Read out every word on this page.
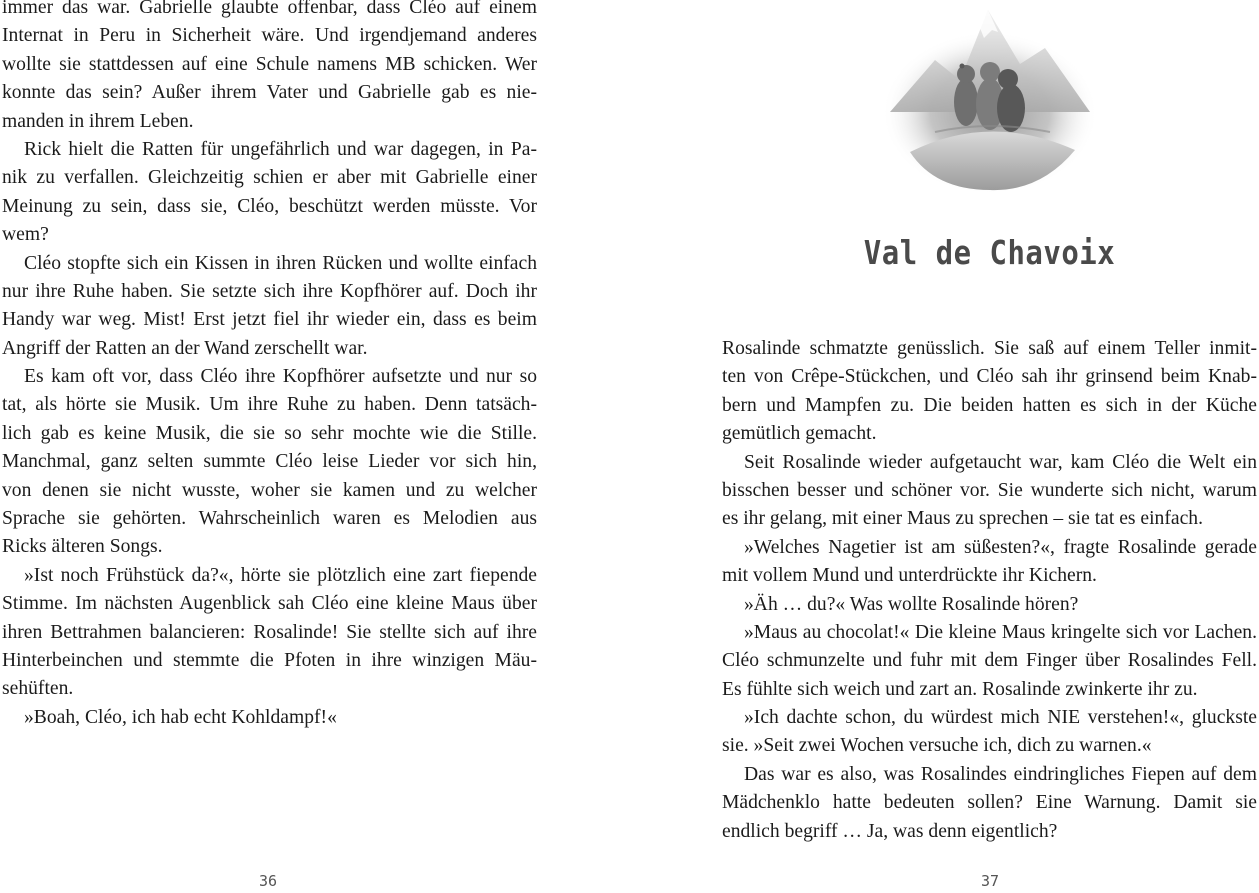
immer das war. Gabrielle glaubte offenbar, dass Cléo auf einem
Internat in Peru in Sicherheit wäre. Und irgendjemand anderes
wollte sie stattdessen auf eine Schule namens MB schicken. Wer
konnte das sein? Außer ihrem Vater und Gabrielle gab es nie-
manden in ihrem Leben.
Rick hielt die Ratten für ungefährlich und war dagegen, in Pa-
nik zu verfallen. Gleichzeitig schien er aber mit Gabrielle einer
Meinung zu sein, dass sie, Cléo, beschützt werden müsste. Vor
wem?
Cléo stopfte sich ein Kissen in ihren Rücken und wollte einfach
nur ihre Ruhe haben. Sie setzte sich ihre Kopfhörer auf. Doch ihr
Handy war weg. Mist! Erst jetzt fiel ihr wieder ein, dass es beim
Angriff der Ratten an der Wand zerschellt war.
Es kam oft vor, dass Cléo ihre Kopfhörer aufsetzte und nur so
tat, als hörte sie Musik. Um ihre Ruhe zu haben. Denn tatsäch-
lich gab es keine Musik, die sie so sehr mochte wie die Stille.
Manchmal, ganz selten summte Cléo leise Lieder vor sich hin,
von denen sie nicht wusste, woher sie kamen und zu welcher
Sprache sie gehörten. Wahrscheinlich waren es Melodien aus
Ricks älteren Songs.
»Ist noch Frühstück da?«, hörte sie plötzlich eine zart fiepende
Stimme. Im nächsten Augenblick sah Cléo eine kleine Maus über
ihren Bettrahmen balancieren: Rosalinde! Sie stellte sich auf ihre
Hinterbeinchen und stemmte die Pfoten in ihre winzigen Mäu-
sehüften.
»Boah, Cléo, ich hab echt Kohldampf!«
36
Val de Chavoix
Rosalinde schmatzte genüsslich. Sie saß auf einem Teller inmit-
ten von Crêpe-Stückchen, und Cléo sah ihr grinsend beim Knab-
bern und Mampfen zu. Die beiden hatten es sich in der Küche
gemütlich gemacht.
Seit Rosalinde wieder aufgetaucht war, kam Cléo die Welt ein
bisschen besser und schöner vor. Sie wunderte sich nicht, warum
es ihr gelang, mit einer Maus zu sprechen – sie tat es einfach.
»Welches Nagetier ist am süßesten?«, fragte Rosalinde gerade
mit vollem Mund und unterdrückte ihr Kichern.
»Äh … du?« Was wollte Rosalinde hören?
»Maus au chocolat!« Die kleine Maus kringelte sich vor Lachen.
Cléo schmunzelte und fuhr mit dem Finger über Rosalindes Fell.
Es fühlte sich weich und zart an. Rosalinde zwinkerte ihr zu.
»Ich dachte schon, du würdest mich NIE verstehen!«, gluckste
sie. »Seit zwei Wochen versuche ich, dich zu warnen.«
Das war es also, was Rosalindes eindringliches Fiepen auf dem
Mädchenklo hatte bedeuten sollen? Eine Warnung. Damit sie
endlich begriff … Ja, was denn eigentlich?
37
